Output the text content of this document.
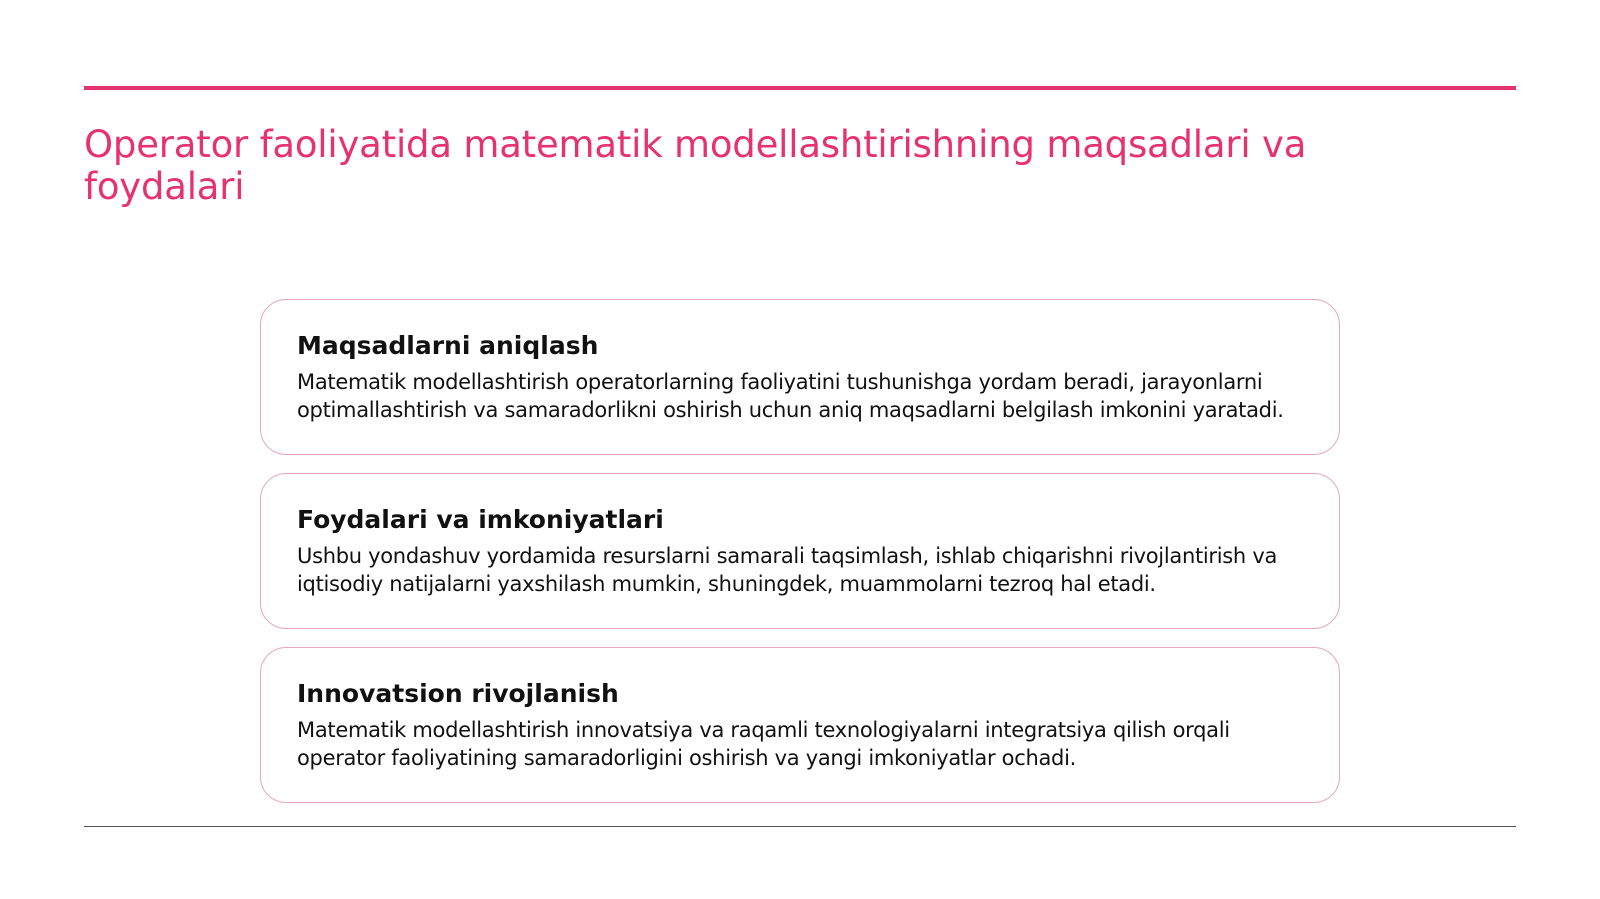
Operator faoliyatida matematik modellashtirishning maqsadlari va foydalari
Maqsadlarni aniqlash

Matematik modellashtirish operatorlarning faoliyatini tushunishga yordam beradi, jarayonlarni optimallashtirish va samaradorlikni oshirish uchun aniq maqsadlarni belgilash imkonini yaratadi.

Foydalari va imkoniyatlari

Ushbu yondashuv yordamida resurslarni samarali taqsimlash, ishlab chiqarishni rivojlantirish va iqtisodiy natijalarni yaxshilash mumkin, shuningdek, muammolarni tezroq hal etadi.

Innovatsion rivojlanish

Matematik modellashtirish innovatsiya va raqamli texnologiyalarni integratsiya qilish orqali operator faoliyatining samaradorligini oshirish va yangi imkoniyatlar ochadi.
